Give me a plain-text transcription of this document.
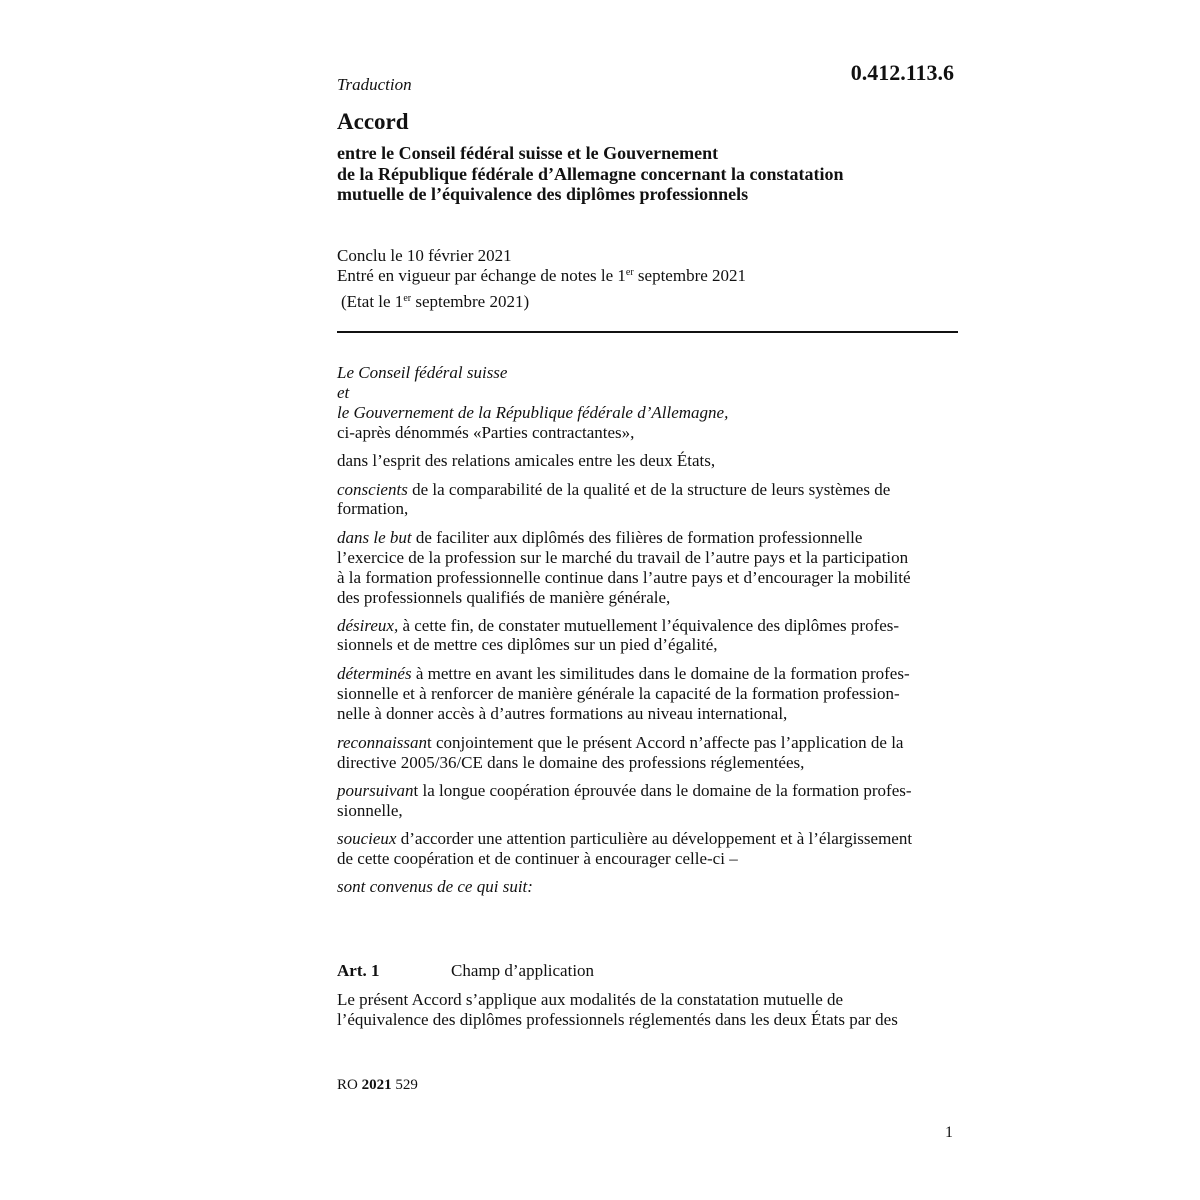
Traduction	0.412.113.6
Accord
entre le Conseil fédéral suisse et le Gouvernement
de la République fédérale d’Allemagne concernant la constatation
mutuelle de l’équivalence des diplômes professionnels
Conclu le 10 février 2021
Entré en vigueur par échange de notes le 1er septembre 2021
(Etat le 1er septembre 2021)
Le Conseil fédéral suisse
et
le Gouvernement de la République fédérale d’Allemagne,
ci-après dénommés «Parties contractantes»,
dans l’esprit des relations amicales entre les deux États,
conscients de la comparabilité de la qualité et de la structure de leurs systèmes de
formation,
dans le but de faciliter aux diplômés des filières de formation professionnelle
l’exercice de la profession sur le marché du travail de l’autre pays et la participation
à la formation professionnelle continue dans l’autre pays et d’encourager la mobilité
des professionnels qualifiés de manière générale,
désireux, à cette fin, de constater mutuellement l’équivalence des diplômes profes-
sionnels et de mettre ces diplômes sur un pied d’égalité,
déterminés à mettre en avant les similitudes dans le domaine de la formation profes-
sionnelle et à renforcer de manière générale la capacité de la formation profession-
nelle à donner accès à d’autres formations au niveau international,
reconnaissant conjointement que le présent Accord n’affecte pas l’application de la
directive 2005/36/CE dans le domaine des professions réglementées,
poursuivant la longue coopération éprouvée dans le domaine de la formation profes-
sionnelle,
soucieux d’accorder une attention particulière au développement et à l’élargissement
de cette coopération et de continuer à encourager celle-ci –
sont convenus de ce qui suit:
Art. 1	Champ d’application
Le présent Accord s’applique aux modalités de la constatation mutuelle de
l’équivalence des diplômes professionnels réglementés dans les deux États par des
RO 2021 529
1
